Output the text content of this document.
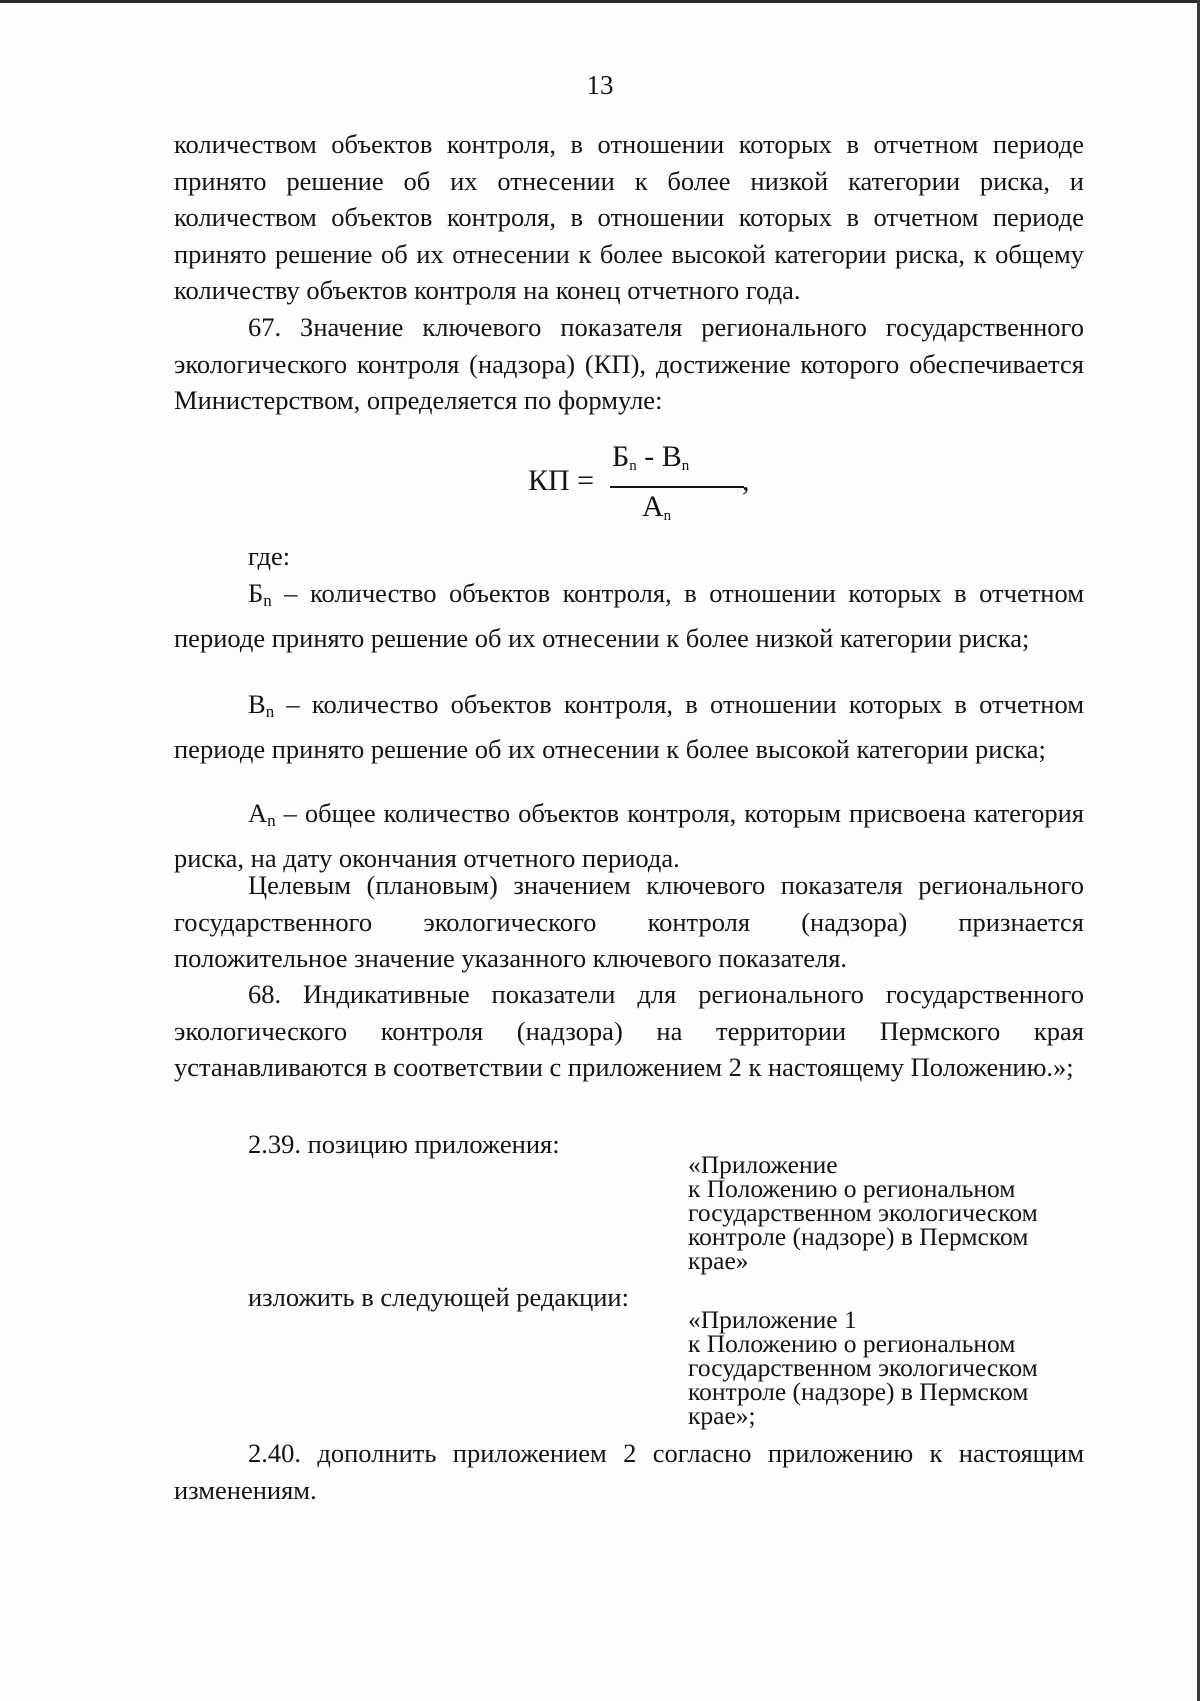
13

количеством объектов контроля, в отношении которых в отчетном периоде принято решение об их отнесении к более низкой категории риска, и количеством объектов контроля, в отношении которых в отчетном периоде принято решение об их отнесении к более высокой категории риска, к общему количеству объектов контроля на конец отчетного года.

67. Значение ключевого показателя регионального государственного экологического контроля (надзора) (КП), достижение которого обеспечивается Министерством, определяется по формуле:

КП =
$Б_n - В_n$
$А_n$
,
где:

Бn – количество объектов контроля, в отношении которых в отчетном периоде принято решение об их отнесении к более низкой категории риска;

Вn – количество объектов контроля, в отношении которых в отчетном периоде принято решение об их отнесении к более высокой категории риска;

Аn – общее количество объектов контроля, которым присвоена категория риска, на дату окончания отчетного периода.

Целевым (плановым) значением ключевого показателя регионального государственного экологического контроля (надзора) признается положительное значение указанного ключевого показателя.

68. Индикативные показатели для регионального государственного экологического контроля (надзора) на территории Пермского края устанавливаются в соответствии с приложением 2 к настоящему Положению.»;

2.39. позицию приложения:
«Приложение
к Положению о региональном
государственном экологическом
контроле (надзоре) в Пермском
крае»
изложить в следующей редакции:
«Приложение 1
к Положению о региональном
государственном экологическом
контроле (надзоре) в Пермском
крае»;

2.40. дополнить приложением 2 согласно приложению к настоящим изменениям.
